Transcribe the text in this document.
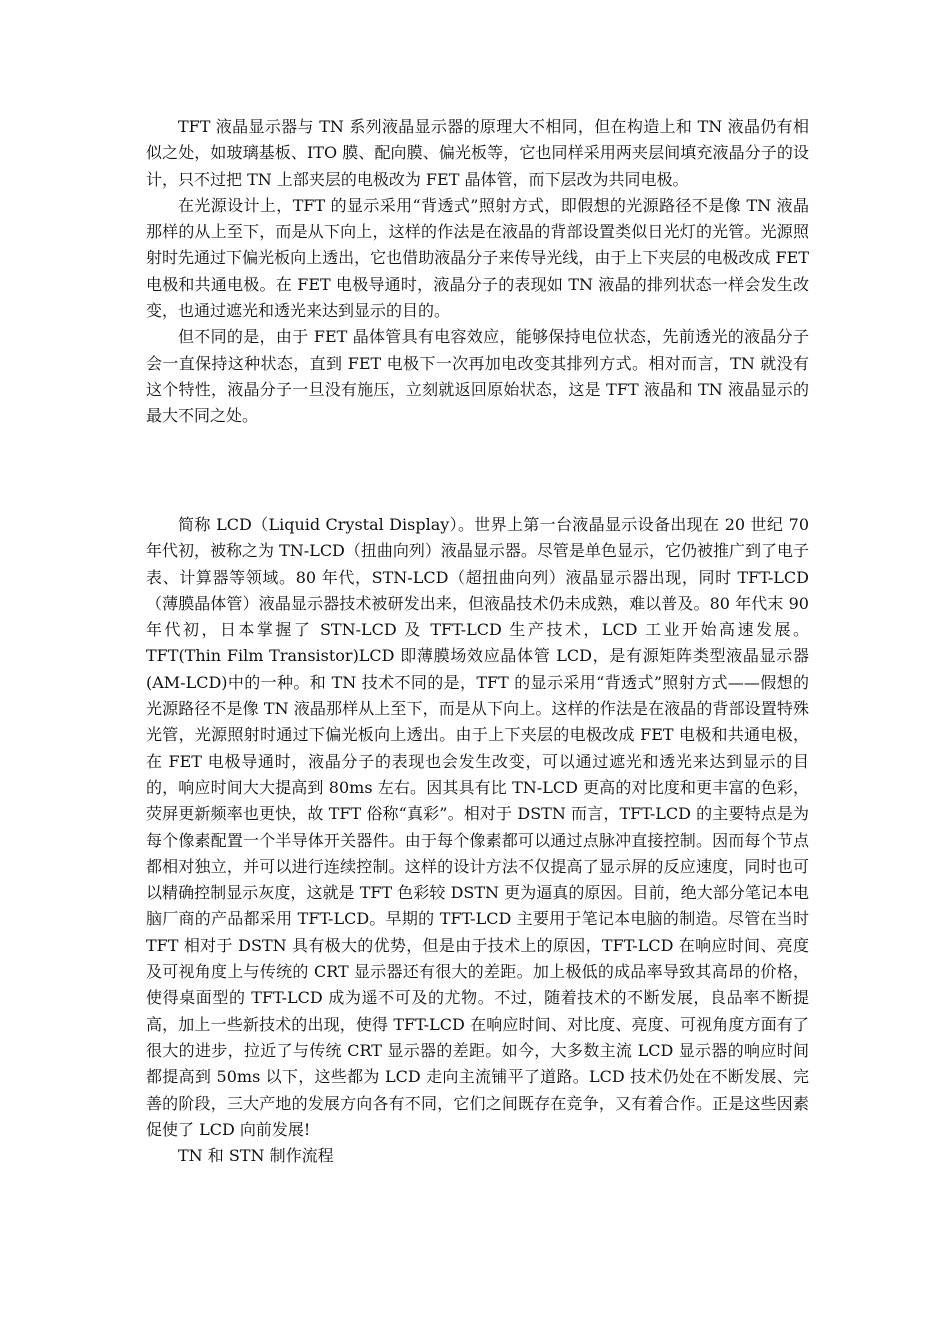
TFT 液晶显示器与 TN 系列液晶显示器的原理大不相同，但在构造上和 TN 液晶仍有相似之处，如玻璃基板、ITO 膜、配向膜、偏光板等，它也同样采用两夹层间填充液晶分子的设计，只不过把 TN 上部夹层的电极改为 FET 晶体管，而下层改为共同电极。

在光源设计上，TFT 的显示采用“背透式”照射方式，即假想的光源路径不是像 TN 液晶那样的从上至下，而是从下向上，这样的作法是在液晶的背部设置类似日光灯的光管。光源照射时先通过下偏光板向上透出，它也借助液晶分子来传导光线，由于上下夹层的电极改成 FET 电极和共通电极。在 FET 电极导通时，液晶分子的表现如 TN 液晶的排列状态一样会发生改变，也通过遮光和透光来达到显示的目的。

但不同的是，由于 FET 晶体管具有电容效应，能够保持电位状态，先前透光的液晶分子会一直保持这种状态，直到 FET 电极下一次再加电改变其排列方式。相对而言，TN 就没有这个特性，液晶分子一旦没有施压，立刻就返回原始状态，这是 TFT 液晶和 TN 液晶显示的最大不同之处。

简称 LCD（Liquid Crystal Display）。世界上第一台液晶显示设备出现在 20 世纪 70 年代初，被称之为 TN-LCD（扭曲向列）液晶显示器。尽管是单色显示，它仍被推广到了电子表、计算器等领域。80 年代，STN-LCD（超扭曲向列）液晶显示器出现，同时 TFT-LCD（薄膜晶体管）液晶显示器技术被研发出来，但液晶技术仍未成熟，难以普及。80 年代末 90 年代初，日本掌握了 STN-LCD 及 TFT-LCD 生产技术，LCD 工业开始高速发展。TFT(Thin Film Transistor)LCD 即薄膜场效应晶体管 LCD，是有源矩阵类型液晶显示器(AM-LCD)中的一种。和 TN 技术不同的是，TFT 的显示采用“背透式”照射方式——假想的光源路径不是像 TN 液晶那样从上至下，而是从下向上。这样的作法是在液晶的背部设置特殊光管，光源照射时通过下偏光板向上透出。由于上下夹层的电极改成 FET 电极和共通电极，在 FET 电极导通时，液晶分子的表现也会发生改变，可以通过遮光和透光来达到显示的目的，响应时间大大提高到 80ms 左右。因其具有比 TN-LCD 更高的对比度和更丰富的色彩，荧屏更新频率也更快，故 TFT 俗称“真彩”。相对于 DSTN 而言，TFT-LCD 的主要特点是为每个像素配置一个半导体开关器件。由于每个像素都可以通过点脉冲直接控制。因而每个节点都相对独立，并可以进行连续控制。这样的设计方法不仅提高了显示屏的反应速度，同时也可以精确控制显示灰度，这就是 TFT 色彩较 DSTN 更为逼真的原因。目前，绝大部分笔记本电脑厂商的产品都采用 TFT-LCD。早期的 TFT-LCD 主要用于笔记本电脑的制造。尽管在当时 TFT 相对于 DSTN 具有极大的优势，但是由于技术上的原因，TFT-LCD 在响应时间、亮度及可视角度上与传统的 CRT 显示器还有很大的差距。加上极低的成品率导致其高昂的价格，使得桌面型的 TFT-LCD 成为遥不可及的尤物。不过，随着技术的不断发展，良品率不断提高，加上一些新技术的出现，使得 TFT-LCD 在响应时间、对比度、亮度、可视角度方面有了很大的进步，拉近了与传统 CRT 显示器的差距。如今，大多数主流 LCD 显示器的响应时间都提高到 50ms 以下，这些都为 LCD 走向主流铺平了道路。LCD 技术仍处在不断发展、完善的阶段，三大产地的发展方向各有不同，它们之间既存在竞争，又有着合作。正是这些因素促使了 LCD 向前发展!

TN 和 STN 制作流程
